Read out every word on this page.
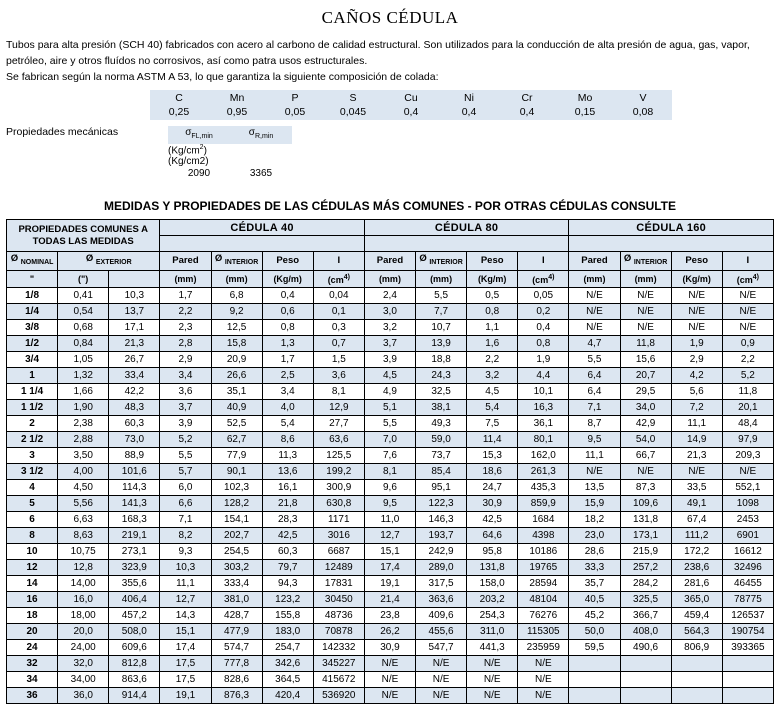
CAÑOS CÉDULA

Tubos para alta presión (SCH 40) fabricados con acero al carbono de calidad estructural. Son utilizados para la conducción de alta presión de agua, gas, vapor,

petróleo, aire y otros fluídos no corrosivos, así como patra usos estructurales.

Se fabrican según la norma ASTM A 53, lo que garantiza la siguiente composición de colada:

C	Mn	P	S	Cu	Ni	Cr	Mo	V
0,25	0,95	0,05	0,045	0,4	0,4	0,4	0,15	0,08
Propiedades mecánicas	$\sigma_{FL,min}$	$\sigma_{R,min}$
$(Kg/cm^2)$ (Kg/cm2)
2090	3365
MEDIDAS Y PROPIEDADES DE LAS CÉDULAS MÁS COMUNES - POR OTRAS CÉDULAS CONSULTE
PROPIEDADES COMUNES A TODAS LAS MEDIDAS			CÉDULA 40				CÉDULA 80				CÉDULA 160			

Ø $_{NOMINAL}$	Ø $_{EXTERIOR}$		Pared	Ø $_{INTERIOR}$	Peso	I	Pared	Ø $_{INTERIOR}$	Peso	I	Pared	Ø $_{INTERIOR}$	Peso	I
"	(")		(mm)	(mm)	(Kg/m)	($cm^{4)}$	(mm)	(mm)	(Kg/m)	($cm^{4)}$	(mm)	(mm)	(Kg/m)	($cm^{4)}$
1/8	0,41	10,3	1,7	6,8	0,4	0,04	2,4	5,5	0,5	0,05	N/E	N/E	N/E	N/E
1/4	0,54	13,7	2,2	9,2	0,6	0,1	3,0	7,7	0,8	0,2	N/E	N/E	N/E	N/E
3/8	0,68	17,1	2,3	12,5	0,8	0,3	3,2	10,7	1,1	0,4	N/E	N/E	N/E	N/E
1/2	0,84	21,3	2,8	15,8	1,3	0,7	3,7	13,9	1,6	0,8	4,7	11,8	1,9	0,9
3/4	1,05	26,7	2,9	20,9	1,7	1,5	3,9	18,8	2,2	1,9	5,5	15,6	2,9	2,2
1	1,32	33,4	3,4	26,6	2,5	3,6	4,5	24,3	3,2	4,4	6,4	20,7	4,2	5,2
1 1/4	1,66	42,2	3,6	35,1	3,4	8,1	4,9	32,5	4,5	10,1	6,4	29,5	5,6	11,8
1 1/2	1,90	48,3	3,7	40,9	4,0	12,9	5,1	38,1	5,4	16,3	7,1	34,0	7,2	20,1
2	2,38	60,3	3,9	52,5	5,4	27,7	5,5	49,3	7,5	36,1	8,7	42,9	11,1	48,4
2 1/2	2,88	73,0	5,2	62,7	8,6	63,6	7,0	59,0	11,4	80,1	9,5	54,0	14,9	97,9
3	3,50	88,9	5,5	77,9	11,3	125,5	7,6	73,7	15,3	162,0	11,1	66,7	21,3	209,3
3 1/2	4,00	101,6	5,7	90,1	13,6	199,2	8,1	85,4	18,6	261,3	N/E	N/E	N/E	N/E
4	4,50	114,3	6,0	102,3	16,1	300,9	9,6	95,1	24,7	435,3	13,5	87,3	33,5	552,1
5	5,56	141,3	6,6	128,2	21,8	630,8	9,5	122,3	30,9	859,9	15,9	109,6	49,1	1098
6	6,63	168,3	7,1	154,1	28,3	1171	11,0	146,3	42,5	1684	18,2	131,8	67,4	2453
8	8,63	219,1	8,2	202,7	42,5	3016	12,7	193,7	64,6	4398	23,0	173,1	111,2	6901
10	10,75	273,1	9,3	254,5	60,3	6687	15,1	242,9	95,8	10186	28,6	215,9	172,2	16612
12	12,8	323,9	10,3	303,2	79,7	12489	17,4	289,0	131,8	19765	33,3	257,2	238,6	32496
14	14,00	355,6	11,1	333,4	94,3	17831	19,1	317,5	158,0	28594	35,7	284,2	281,6	46455
16	16,0	406,4	12,7	381,0	123,2	30450	21,4	363,6	203,2	48104	40,5	325,5	365,0	78775
18	18,00	457,2	14,3	428,7	155,8	48736	23,8	409,6	254,3	76276	45,2	366,7	459,4	126537
20	20,0	508,0	15,1	477,9	183,0	70878	26,2	455,6	311,0	115305	50,0	408,0	564,3	190754
24	24,00	609,6	17,4	574,7	254,7	142332	30,9	547,7	441,3	235959	59,5	490,6	806,9	393365
32	32,0	812,8	17,5	777,8	342,6	345227	N/E	N/E	N/E	N/E				
34	34,00	863,6	17,5	828,6	364,5	415672	N/E	N/E	N/E	N/E				
36	36,0	914,4	19,1	876,3	420,4	536920	N/E	N/E	N/E	N/E				
